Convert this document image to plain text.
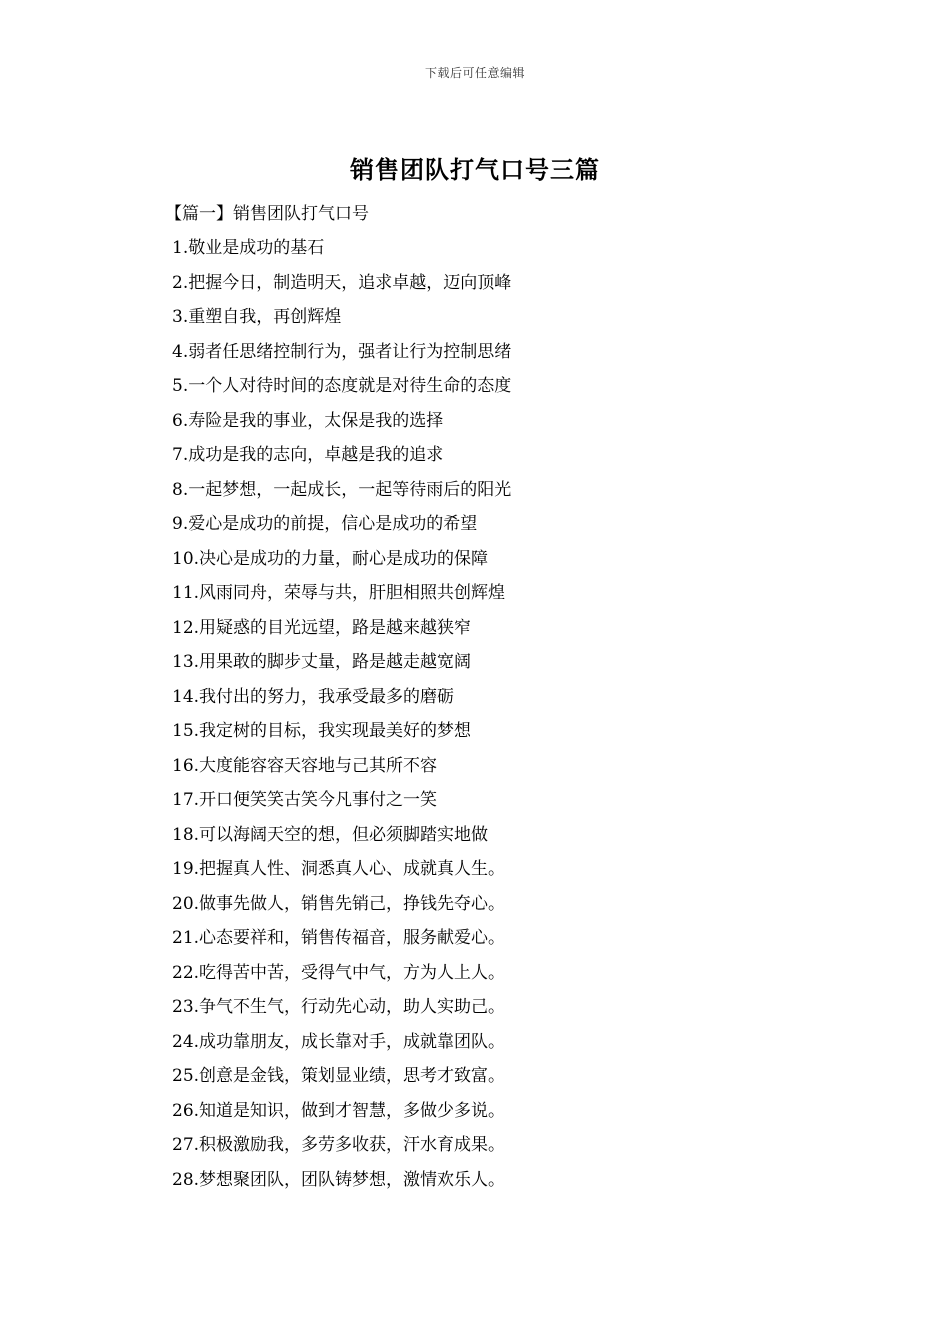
下载后可任意编辑
销售团队打气口号三篇
【篇一】销售团队打气口号
1.敬业是成功的基石
2.把握今日，制造明天，追求卓越，迈向顶峰
3.重塑自我，再创辉煌
4.弱者任思绪控制行为，强者让行为控制思绪
5.一个人对待时间的态度就是对待生命的态度
6.寿险是我的事业，太保是我的选择
7.成功是我的志向，卓越是我的追求
8.一起梦想，一起成长，一起等待雨后的阳光
9.爱心是成功的前提，信心是成功的希望
10.决心是成功的力量，耐心是成功的保障
11.风雨同舟，荣辱与共，肝胆相照共创辉煌
12.用疑惑的目光远望，路是越来越狭窄
13.用果敢的脚步丈量，路是越走越宽阔
14.我付出的努力，我承受最多的磨砺
15.我定树的目标，我实现最美好的梦想
16.大度能容容天容地与己其所不容
17.开口便笑笑古笑今凡事付之一笑
18.可以海阔天空的想，但必须脚踏实地做
19.把握真人性、洞悉真人心、成就真人生。
20.做事先做人，销售先销己，挣钱先夺心。
21.心态要祥和，销售传福音，服务献爱心。
22.吃得苦中苦，受得气中气，方为人上人。
23.争气不生气，行动先心动，助人实助己。
24.成功靠朋友，成长靠对手，成就靠团队。
25.创意是金钱，策划显业绩，思考才致富。
26.知道是知识，做到才智慧，多做少多说。
27.积极激励我，多劳多收获，汗水育成果。
28.梦想聚团队，团队铸梦想，激情欢乐人。
